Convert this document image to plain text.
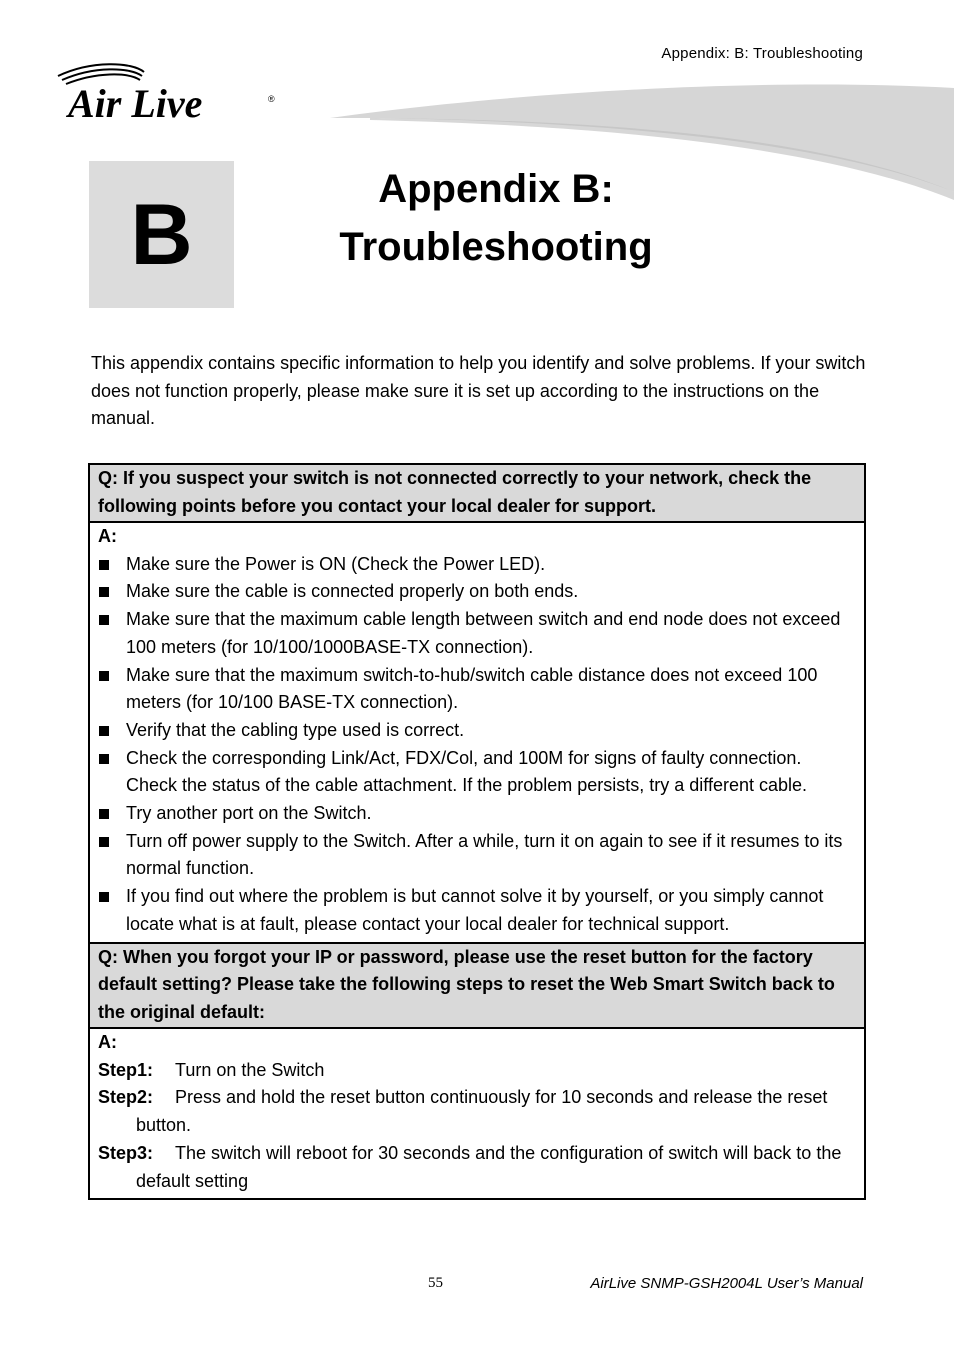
Appendix: B: Troubleshooting
Air Live	®
B	Appendix B:
Troubleshooting
This appendix contains specific information to help you identify and solve problems. If your switch does not function properly, please make sure it is set up according to the instructions on the manual.
Q: If you suspect your switch is not connected correctly to your network, check the following points before you contact your local dealer for support.

A:
Make sure the Power is ON (Check the Power LED).
Make sure the cable is connected properly on both ends.
Make sure that the maximum cable length between switch and end node does not exceed 100 meters (for 10/100/1000BASE-TX connection).
Make sure that the maximum switch-to-hub/switch cable distance does not exceed 100 meters (for 10/100 BASE-TX connection).
Verify that the cabling type used is correct.
Check the corresponding Link/Act, FDX/Col, and 100M for signs of faulty connection. Check the status of the cable attachment. If the problem persists, try a different cable.
Try another port on the Switch.
Turn off power supply to the Switch. After a while, turn it on again to see if it resumes to its normal function.
If you find out where the problem is but cannot solve it by yourself, or you simply cannot locate what is at fault, please contact your local dealer for technical support.

Q: When you forgot your IP or password, please use the reset button for the factory default setting? Please take the following steps to reset the Web Smart Switch back to the original default:

A:
Step1: Turn on the Switch
Step2: Press and hold the reset button continuously for 10 seconds and release the reset button.
Step3: The switch will reboot for 30 seconds and the configuration of switch will back to the default setting
55	AirLive SNMP-GSH2004L User’s Manual
